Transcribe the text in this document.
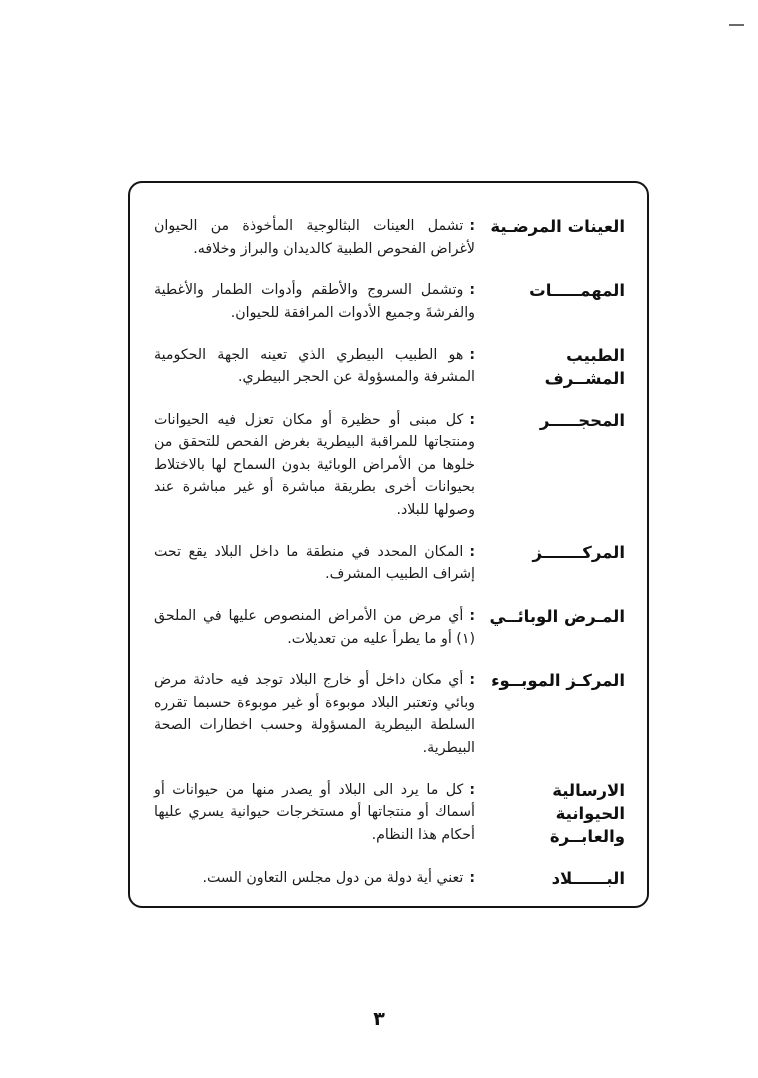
العينات المرضـية
:تشمل العينات البثالوجية المأخوذة من الحيوان لأغراض الفحوص الطبية كالديدان والبراز وخلافه.
المهمـــــات
:وتشمل السروج والأطقم وأدوات الطمار والأغطية والفرشةَ وجميع الأدوات المرافقة للحيوان.
الطبيب المشــرف
:هو الطبيب البيطري الذي تعينه الجهة الحكومية المشرفة والمسؤولة عن الحجر البيطري.
المحجـــــر
:كل مبنى أو حظيرة أو مكان تعزل فيه الحيوانات ومنتجاتها للمراقبة البيطرية بغرض الفحص للتحقق من خلوها من الأمراض الوبائية بدون السماح لها بالاختلاط بحيوانات أخرى بطريقة مباشرة أو غير مباشرة عند وصولها للبلاد.
المركـــــــز
:المكان المحدد في منطقة ما داخل البلاد يقع تحت إشراف الطبيب المشرف.
المـرض الوبائــي
:أي مرض من الأمراض المنصوص عليها في الملحق (١) أو ما يطرأ عليه من تعديلات.
المركـز الموبــوء
:أي مكان داخل أو خارج البلاد توجد فيه حادثة مرض وبائي وتعتبر البلاد موبوءة أو غير موبوءة حسبما تقرره السلطة البيطرية المسؤولة وحسب اخطارات الصحة البيطرية.
الارسالية الحيوانية والعابــرة
:كل ما يرد الى البلاد أو يصدر منها من حيوانات أو أسماك أو منتجاتها أو مستخرجات حيوانية يسري عليها أحكام هذا النظام.
البــــــلاد
:تعني أية دولة من دول مجلس التعاون الست.
٣
